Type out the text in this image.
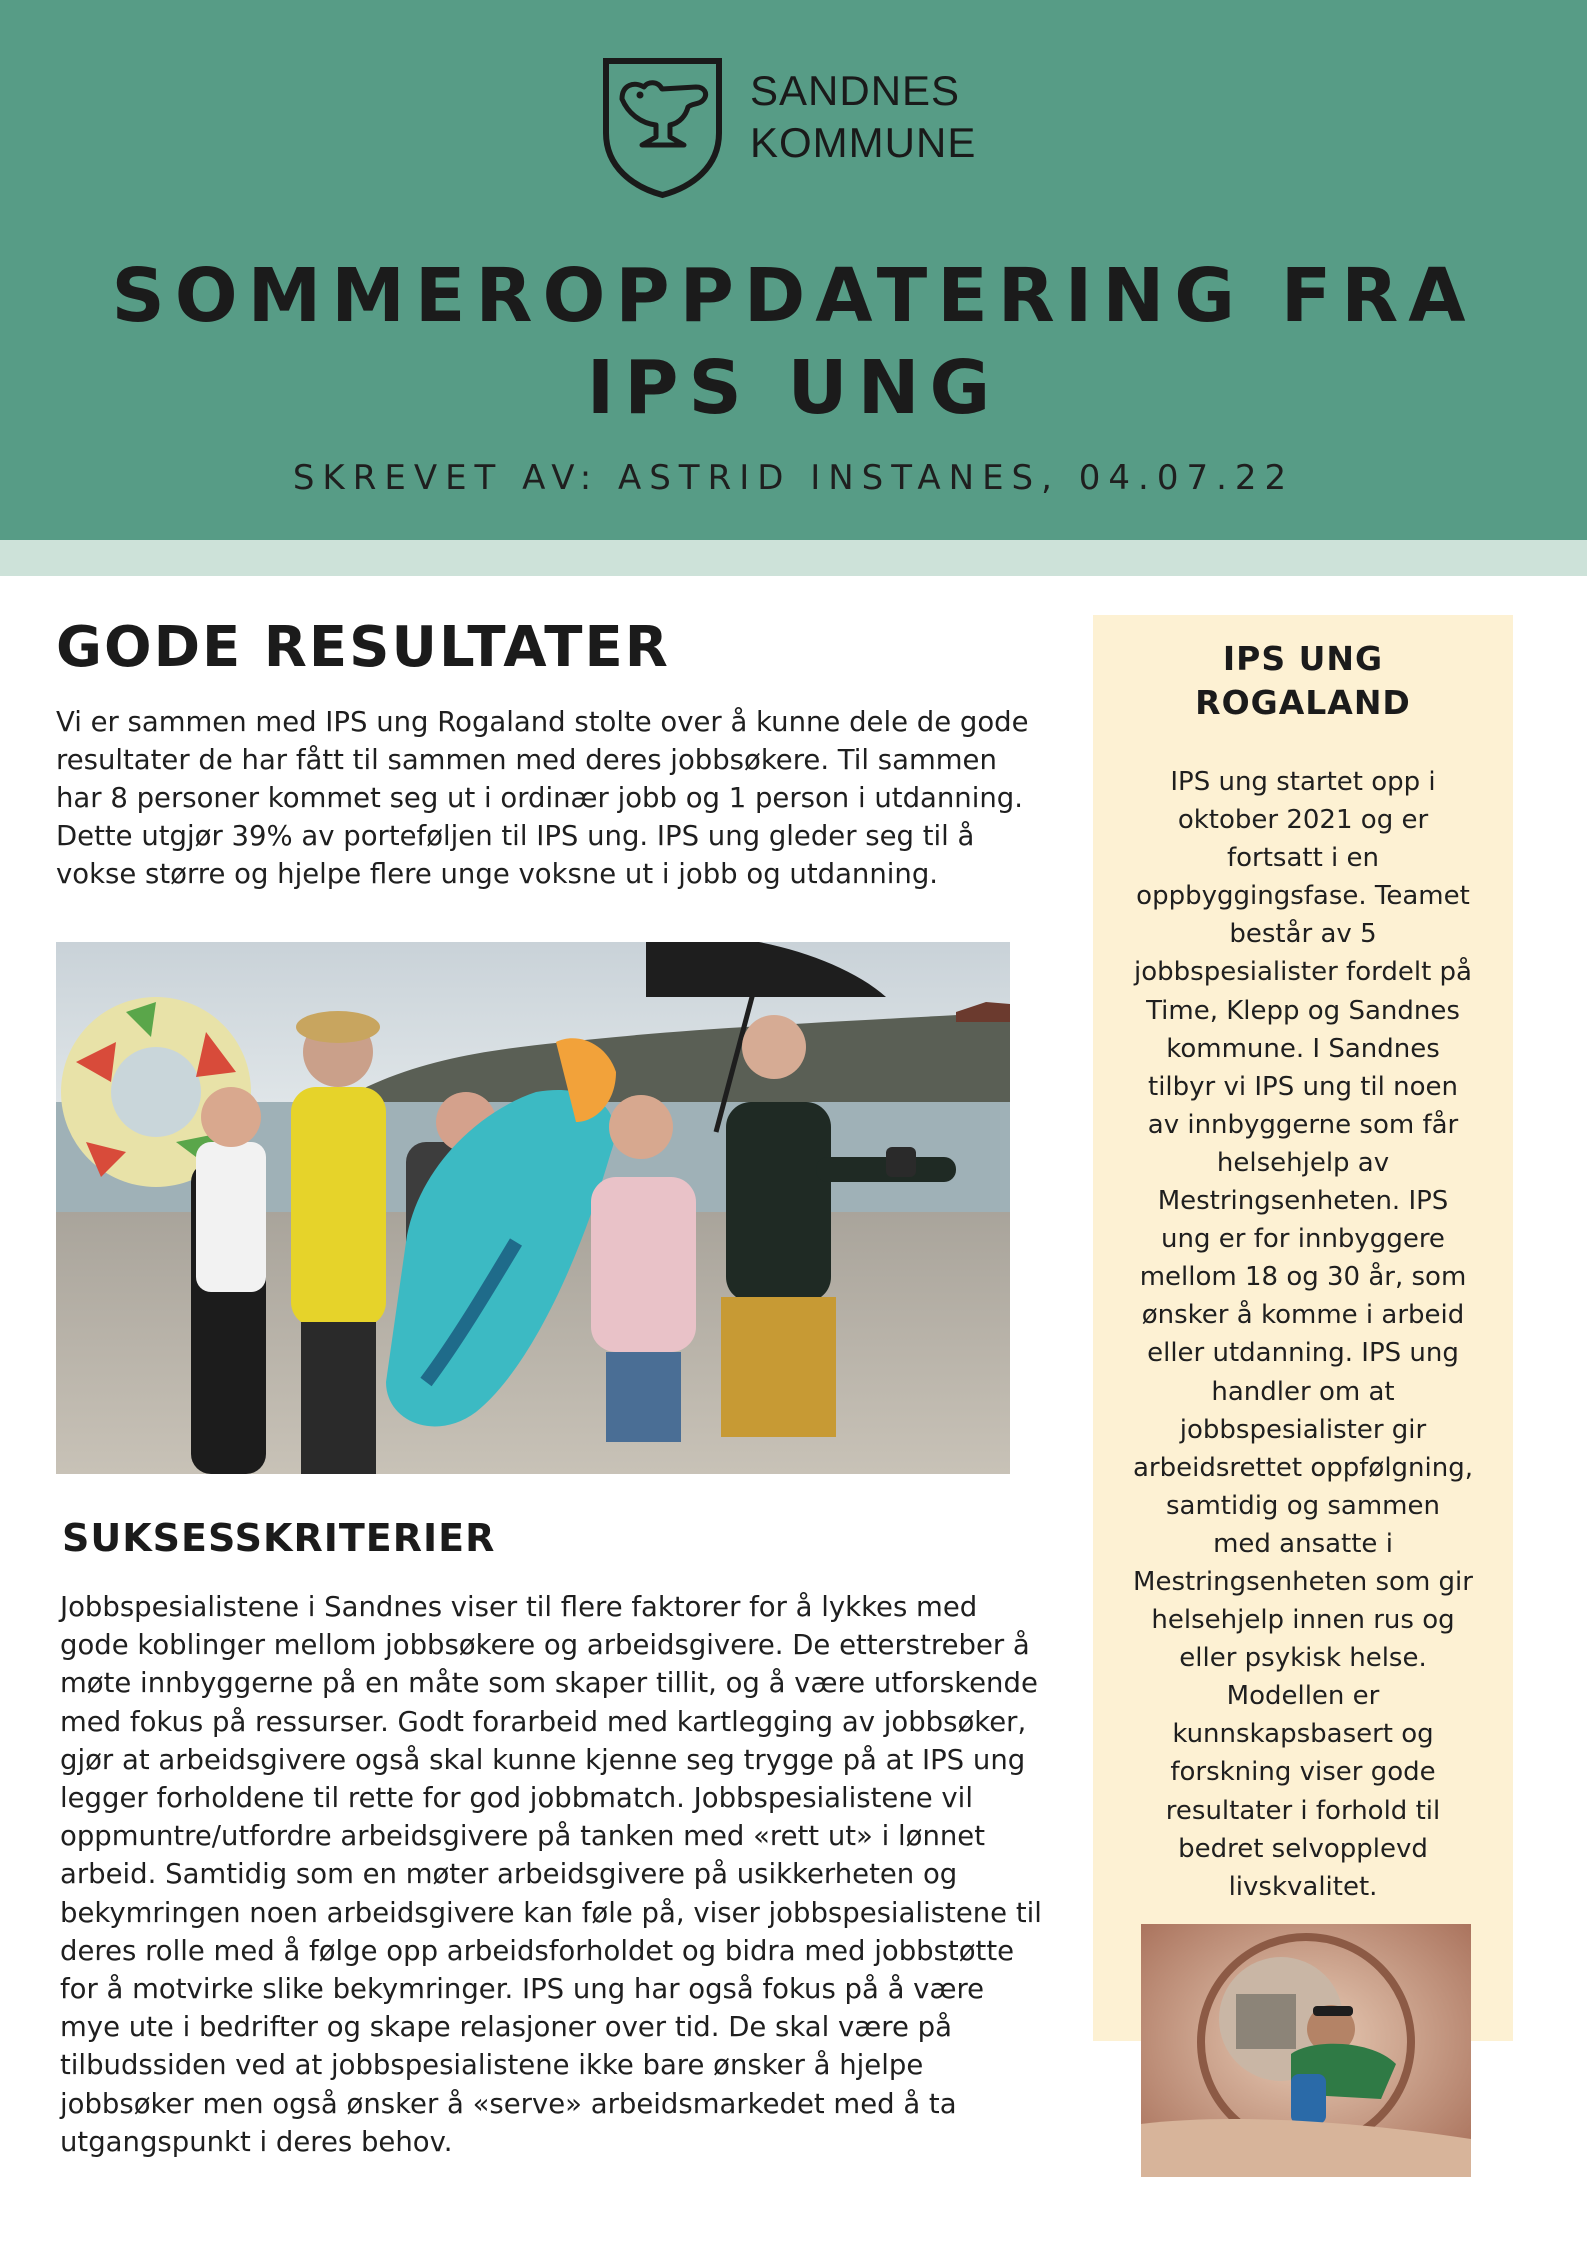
SANDNES
KOMMUNE
SOMMEROPPDATERING FRA
IPS UNG
SKREVET AV: ASTRID INSTANES, 04.07.22
GODE RESULTATER

Vi er sammen med IPS ung Rogaland stolte over å kunne dele de gode resultater de har fått til sammen med deres jobbsøkere. Til sammen har 8 personer kommet seg ut i ordinær jobb og 1 person i utdanning. Dette utgjør 39% av porteføljen til IPS ung. IPS ung gleder seg til å vokse større og hjelpe flere unge voksne ut i jobb og utdanning.

SUKSESSKRITERIER

Jobbspesialistene i Sandnes viser til flere faktorer for å lykkes med gode koblinger mellom jobbsøkere og arbeidsgivere. De etterstreber å møte innbyggerne på en måte som skaper tillit, og å være utforskende med fokus på ressurser. Godt forarbeid med kartlegging av jobbsøker, gjør at arbeidsgivere også skal kunne kjenne seg trygge på at IPS ung legger forholdene til rette for god jobbmatch. Jobbspesialistene vil oppmuntre/utfordre arbeidsgivere på tanken med «rett ut» i lønnet arbeid. Samtidig som en møter arbeidsgivere på usikkerheten og bekymringen noen arbeidsgivere kan føle på, viser jobbspesialistene til deres rolle med å følge opp arbeidsforholdet og bidra med jobbstøtte for å motvirke slike bekymringer. IPS ung har også fokus på å være mye ute i bedrifter og skape relasjoner over tid. De skal være på tilbudssiden ved at jobbspesialistene ikke bare ønsker å hjelpe jobbsøker men også ønsker å «serve» arbeidsmarkedet med å ta utgangspunkt i deres behov.

IPS UNG
ROGALAND

IPS ung startet opp i oktober 2021 og er fortsatt i en oppbyggingsfase. Teamet består av 5 jobbspesialister fordelt på Time, Klepp og Sandnes kommune. I Sandnes tilbyr vi IPS ung til noen av innbyggerne som får helsehjelp av Mestringsenheten. IPS ung er for innbyggere mellom 18 og 30 år, som ønsker å komme i arbeid eller utdanning. IPS ung handler om at jobbspesialister gir arbeidsrettet oppfølgning, samtidig og sammen med ansatte i Mestringsenheten som gir helsehjelp innen rus og eller psykisk helse. Modellen er kunnskapsbasert og forskning viser gode resultater i forhold til bedret selvopplevd livskvalitet.
